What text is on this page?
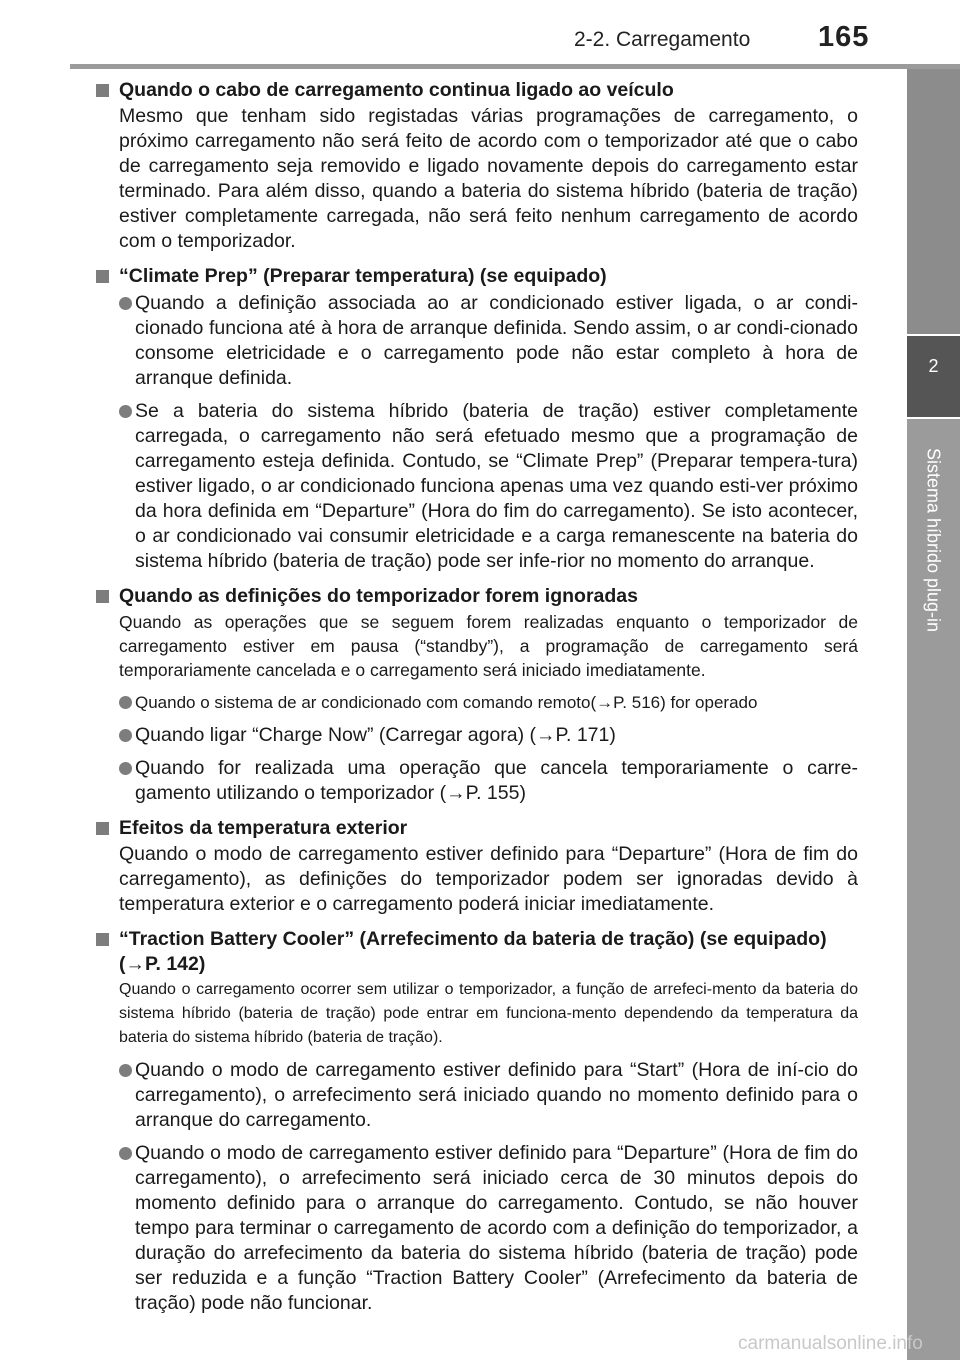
2-2. Carregamento 165
2
Sistema híbrido plug-in
Quando o cabo de carregamento continua ligado ao veículo
Mesmo que tenham sido registadas várias programações de carregamento, o próximo carregamento não será feito de acordo com o temporizador até que o cabo de carregamento seja removido e ligado novamente depois do carregamento estar terminado. Para além disso, quando a bateria do sistema híbrido (bateria de tração) estiver completamente carregada, não será feito nenhum carregamento de acordo com o temporizador.
“Climate Prep” (Preparar temperatura) (se equipado)
Quando a definição associada ao ar condicionado estiver ligada, o ar condi-cionado funciona até à hora de arranque definida. Sendo assim, o ar condi-cionado consome eletricidade e o carregamento pode não estar completo à hora de arranque definida.
Se a bateria do sistema híbrido (bateria de tração) estiver completamente carregada, o carregamento não será efetuado mesmo que a programação de carregamento esteja definida. Contudo, se “Climate Prep” (Preparar tempera-tura) estiver ligado, o ar condicionado funciona apenas uma vez quando esti-ver próximo da hora definida em “Departure” (Hora do fim do carregamento). Se isto acontecer, o ar condicionado vai consumir eletricidade e a carga remanescente na bateria do sistema híbrido (bateria de tração) pode ser infe-rior no momento do arranque.
Quando as definições do temporizador forem ignoradas
Quando as operações que se seguem forem realizadas enquanto o temporizador de carregamento estiver em pausa (“standby”), a programação de carregamento será temporariamente cancelada e o carregamento será iniciado imediatamente.
Quando o sistema de ar condicionado com comando remoto(→P. 516) for operado
Quando ligar “Charge Now” (Carregar agora) (→P. 171)
Quando for realizada uma operação que cancela temporariamente o carre-gamento utilizando o temporizador (→P. 155)
Efeitos da temperatura exterior
Quando o modo de carregamento estiver definido para “Departure” (Hora de fim do carregamento), as definições do temporizador podem ser ignoradas devido à temperatura exterior e o carregamento poderá iniciar imediatamente.
“Traction Battery Cooler” (Arrefecimento da bateria de tração) (se equipado) (→P. 142)
Quando o carregamento ocorrer sem utilizar o temporizador, a função de arrefeci-mento da bateria do sistema híbrido (bateria de tração) pode entrar em funciona-mento dependendo da temperatura da bateria do sistema híbrido (bateria de tração).
Quando o modo de carregamento estiver definido para “Start” (Hora de iní-cio do carregamento), o arrefecimento será iniciado quando no momento definido para o arranque do carregamento.
Quando o modo de carregamento estiver definido para “Departure” (Hora de fim do carregamento), o arrefecimento será iniciado cerca de 30 minutos depois do momento definido para o arranque do carregamento. Contudo, se não houver tempo para terminar o carregamento de acordo com a definição do temporizador, a duração do arrefecimento da bateria do sistema híbrido (bateria de tração) pode ser reduzida e a função “Traction Battery Cooler” (Arrefecimento da bateria de tração) pode não funcionar.
carmanualsonline.info
